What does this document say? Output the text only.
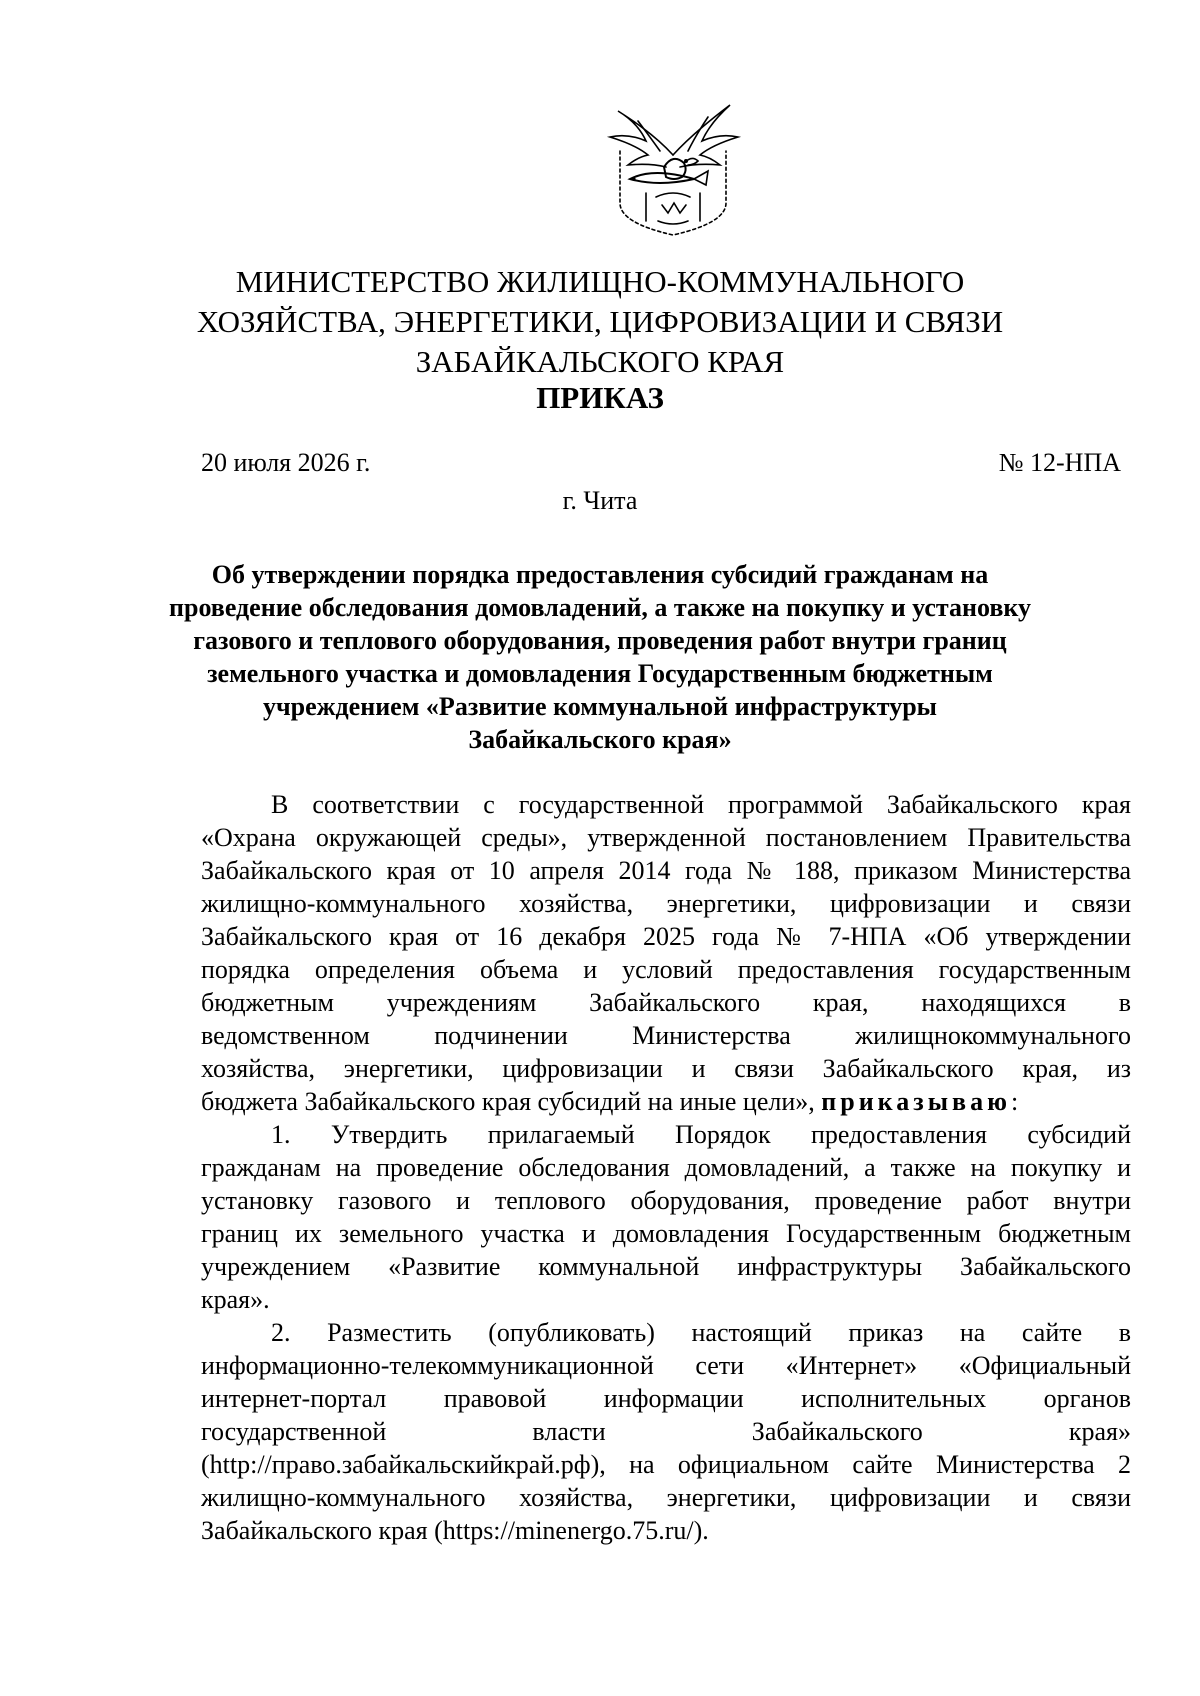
МИНИСТЕРСТВО ЖИЛИЩНО-КОММУНАЛЬНОГО
ХОЗЯЙСТВА, ЭНЕРГЕТИКИ, ЦИФРОВИЗАЦИИ И СВЯЗИ
ЗАБАЙКАЛЬСКОГО КРАЯ
ПРИКАЗ
20 июля 2026 г.	№ 12-НПА
г. Чита
Об утверждении порядка предоставления субсидий гражданам на
проведение обследования домовладений, а также на покупку и установку
газового и теплового оборудования, проведения работ внутри границ
земельного участка и домовладения Государственным бюджетным
учреждением «Развитие коммунальной инфраструктуры
Забайкальского края»
В соответствии с государственной программой Забайкальского края
«Охрана окружающей среды», утвержденной постановлением Правительства
Забайкальского края от 10 апреля 2014 года № 188, приказом Министерства
жилищно-коммунального хозяйства, энергетики, цифровизации и связи
Забайкальского края от 16 декабря 2025 года № 7-НПА «Об утверждении
порядка определения объема и условий предоставления государственным
бюджетным учреждениям Забайкальского края, находящихся в
ведомственном подчинении Министерства жилищнокоммунального
хозяйства, энергетики, цифровизации и связи Забайкальского края, из
бюджета Забайкальского края субсидий на иные цели», приказываю:
1. Утвердить прилагаемый Порядок предоставления субсидий
гражданам на проведение обследования домовладений, а также на покупку и
установку газового и теплового оборудования, проведение работ внутри
границ их земельного участка и домовладения Государственным бюджетным
учреждением «Развитие коммунальной инфраструктуры Забайкальского
края».
2. Разместить (опубликовать) настоящий приказ на сайте в
информационно-телекоммуникационной сети «Интернет» «Официальный
интернет-портал правовой информации исполнительных органов
государственной власти Забайкальского края»
(http://право.забайкальскийкрай.рф), на официальном сайте Министерства 2
жилищно-коммунального хозяйства, энергетики, цифровизации и связи
Забайкальского края (https://minenergo.75.ru/).
